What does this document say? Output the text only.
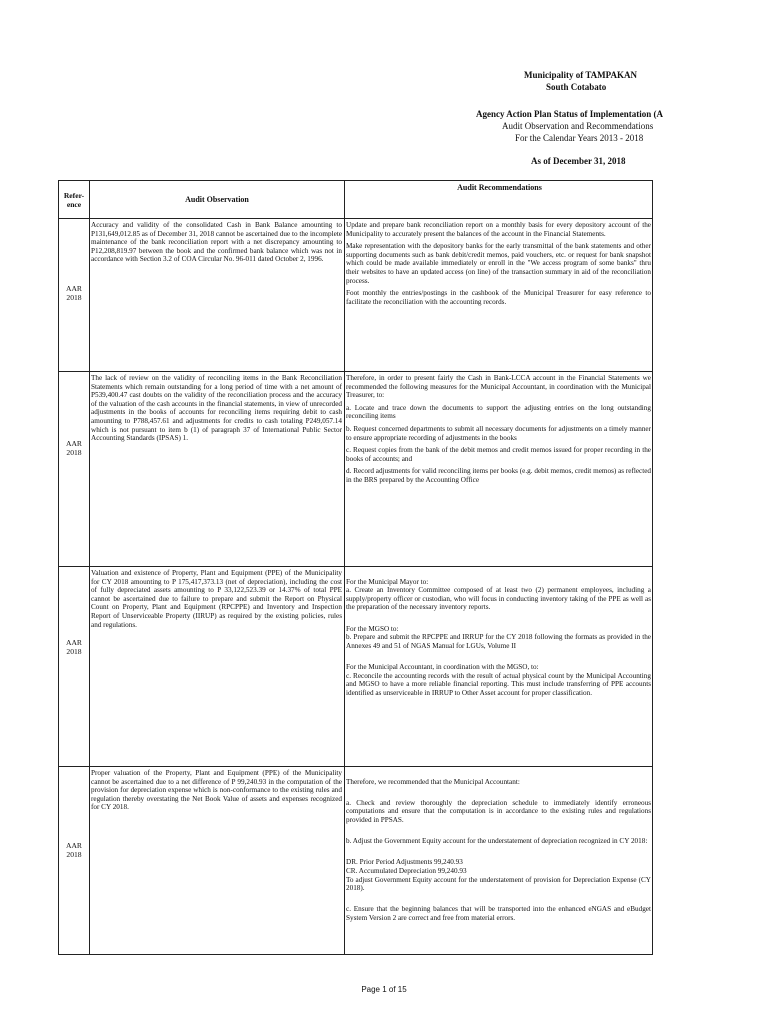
Municipality of TAMPAKAN
South Cotabato
Agency Action Plan Status of Implementation (A
Audit Observation and Recommendations
For the Calendar Years 2013 - 2018
As of December 31, 2018
Refer-ence
Audit Observation
Audit Recommendations
AAR 2018

Accuracy and validity of the consolidated Cash in Bank Balance amounting to P131,649,012.85 as of December 31, 2018 cannot be ascertained due to the incomplete maintenance of the bank reconciliation report with a net discrepancy amounting to P12,208,819.97 between the book and the confirmed bank balance which was not in accordance with Section 3.2 of COA Circular No. 96-011 dated October 2, 1996.

Update and prepare bank reconciliation report on a monthly basis for every depository account of the Municipality to accurately present the balances of the account in the Financial Statements.

Make representation with the depository banks for the early transmittal of the bank statements and other supporting documents such as bank debit/credit memos, paid vouchers, etc. or request for bank snapshot which could be made available immediately or enroll in the "We access program of some banks" thru their websites to have an updated access (on line) of the transaction summary in aid of the reconciliation process.

Foot monthly the entries/postings in the cashbook of the Municipal Treasurer for easy reference to facilitate the reconciliation with the accounting records.

AAR 2018

The lack of review on the validity of reconciling items in the Bank Reconciliation Statements which remain outstanding for a long period of time with a net amount of P539,400.47 cast doubts on the validity of the reconciliation process and the accuracy of the valuation of the cash accounts in the financial statements, in view of unrecorded adjustments in the books of accounts for reconciling items requiring debit to cash amounting to P788,457.61 and adjustments for credits to cash totaling P249,057.14 which is not pursuant to item b (1) of paragraph 37 of International Public Sector Accounting Standards (IPSAS) 1.

Therefore, in order to present fairly the Cash in Bank-LCCA account in the Financial Statements we recommended the following measures for the Municipal Accountant, in coordination with the Municipal Treasurer, to:

a. Locate and trace down the documents to support the adjusting entries on the long outstanding reconciling items

b. Request concerned departments to submit all necessary documents for adjustments on a timely manner to ensure appropriate recording of adjustments in the books

c. Request copies from the bank of the debit memos and credit memos issued for proper recording in the books of accounts; and

d. Record adjustments for valid reconciling items per books (e.g. debit memos, credit memos) as reflected in the BRS prepared by the Accounting Office

AAR 2018

Valuation and existence of Property, Plant and Equipment (PPE) of the Municipality for CY 2018 amounting to P 175,417,373.13 (net of depreciation), including the cost of fully depreciated assets amounting to P 33,122,523.39 or 14.37% of total PPE cannot be ascertained due to failure to prepare and submit the Report on Physical Count on Property, Plant and Equipment (RPCPPE) and Inventory and Inspection Report of Unserviceable Property (IIRUP) as required by the existing policies, rules and regulations.

For the Municipal Mayor to:
a. Create an Inventory Committee composed of at least two (2) permanent employees, including a supply/property officer or custodian, who will focus in conducting inventory taking of the PPE as well as the preparation of the necessary inventory reports.

For the MGSO to:
b. Prepare and submit the RPCPPE and IRRUP for the CY 2018 following the formats as provided in the Annexes 49 and 51 of NGAS Manual for LGUs, Volume II

For the Municipal Accountant, in coordination with the MGSO, to:
c. Reconcile the accounting records with the result of actual physical count by the Municipal Accounting and MGSO to have a more reliable financial reporting. This must include transferring of PPE accounts identified as unserviceable in IRRUP to Other Asset account for proper classification.

AAR 2018

Proper valuation of the Property, Plant and Equipment (PPE) of the Municipality cannot be ascertained due to a net difference of P 99,240.93 in the computation of the provision for depreciation expense which is non-conformance to the existing rules and regulation thereby overstating the Net Book Value of assets and expenses recognized for CY 2018.

Therefore, we recommended that the Municipal Accountant:

a. Check and review thoroughly the depreciation schedule to immediately identify erroneous computations and ensure that the computation is in accordance to the existing rules and regulations provided in PPSAS.

b. Adjust the Government Equity account for the understatement of depreciation recognized in CY 2018:

DR. Prior Period Adjustments 99,240.93
CR. Accumulated Depreciation 99,240.93
To adjust Government Equity account for the understatement of provision for Depreciation Expense (CY 2018).

c. Ensure that the beginning balances that will be transported into the enhanced eNGAS and eBudget System Version 2 are correct and free from material errors.

Page 1 of 15
